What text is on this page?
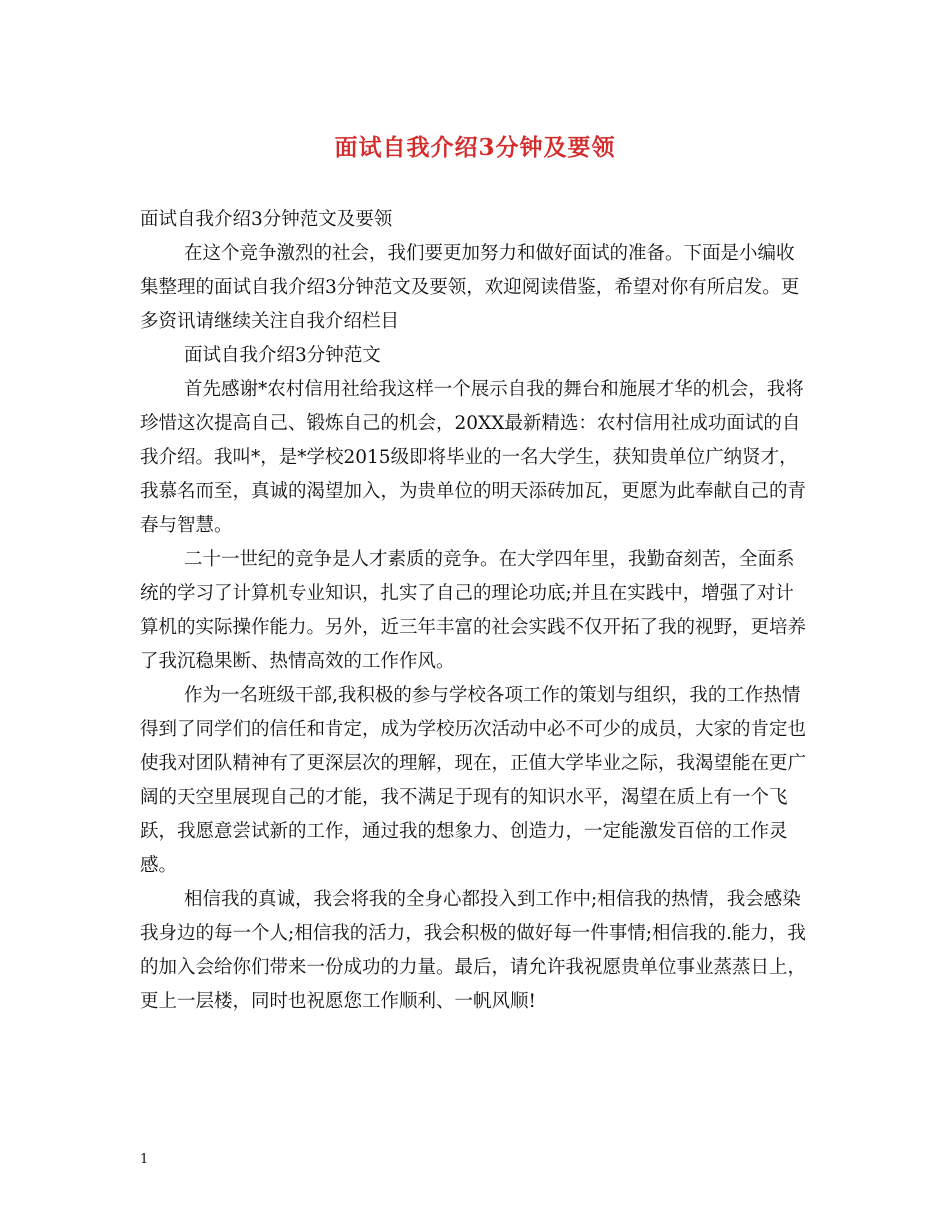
面试自我介绍3分钟及要领

面试自我介绍3分钟范文及要领

在这个竞争激烈的社会，我们要更加努力和做好面试的准备。下面是小编收集整理的面试自我介绍3分钟范文及要领，欢迎阅读借鉴，希望对你有所启发。更多资讯请继续关注自我介绍栏目

面试自我介绍3分钟范文

首先感谢*农村信用社给我这样一个展示自我的舞台和施展才华的机会，我将珍惜这次提高自己、锻炼自己的机会，20XX最新精选：农村信用社成功面试的自我介绍。我叫*，是*学校2015级即将毕业的一名大学生，获知贵单位广纳贤才，我慕名而至，真诚的渴望加入，为贵单位的明天添砖加瓦，更愿为此奉献自己的青春与智慧。

二十一世纪的竞争是人才素质的竞争。在大学四年里，我勤奋刻苦，全面系统的学习了计算机专业知识，扎实了自己的理论功底;并且在实践中，增强了对计算机的实际操作能力。另外，近三年丰富的社会实践不仅开拓了我的视野，更培养了我沉稳果断、热情高效的工作作风。

作为一名班级干部,我积极的参与学校各项工作的策划与组织，我的工作热情得到了同学们的信任和肯定，成为学校历次活动中必不可少的成员，大家的肯定也使我对团队精神有了更深层次的理解，现在，正值大学毕业之际，我渴望能在更广阔的天空里展现自己的才能，我不满足于现有的知识水平，渴望在质上有一个飞跃，我愿意尝试新的工作，通过我的想象力、创造力，一定能激发百倍的工作灵感。

相信我的真诚，我会将我的全身心都投入到工作中;相信我的热情，我会感染我身边的每一个人;相信我的活力，我会积极的做好每一件事情;相信我的.能力，我的加入会给你们带来一份成功的力量。最后，请允许我祝愿贵单位事业蒸蒸日上，更上一层楼，同时也祝愿您工作顺利、一帆风顺!

1
